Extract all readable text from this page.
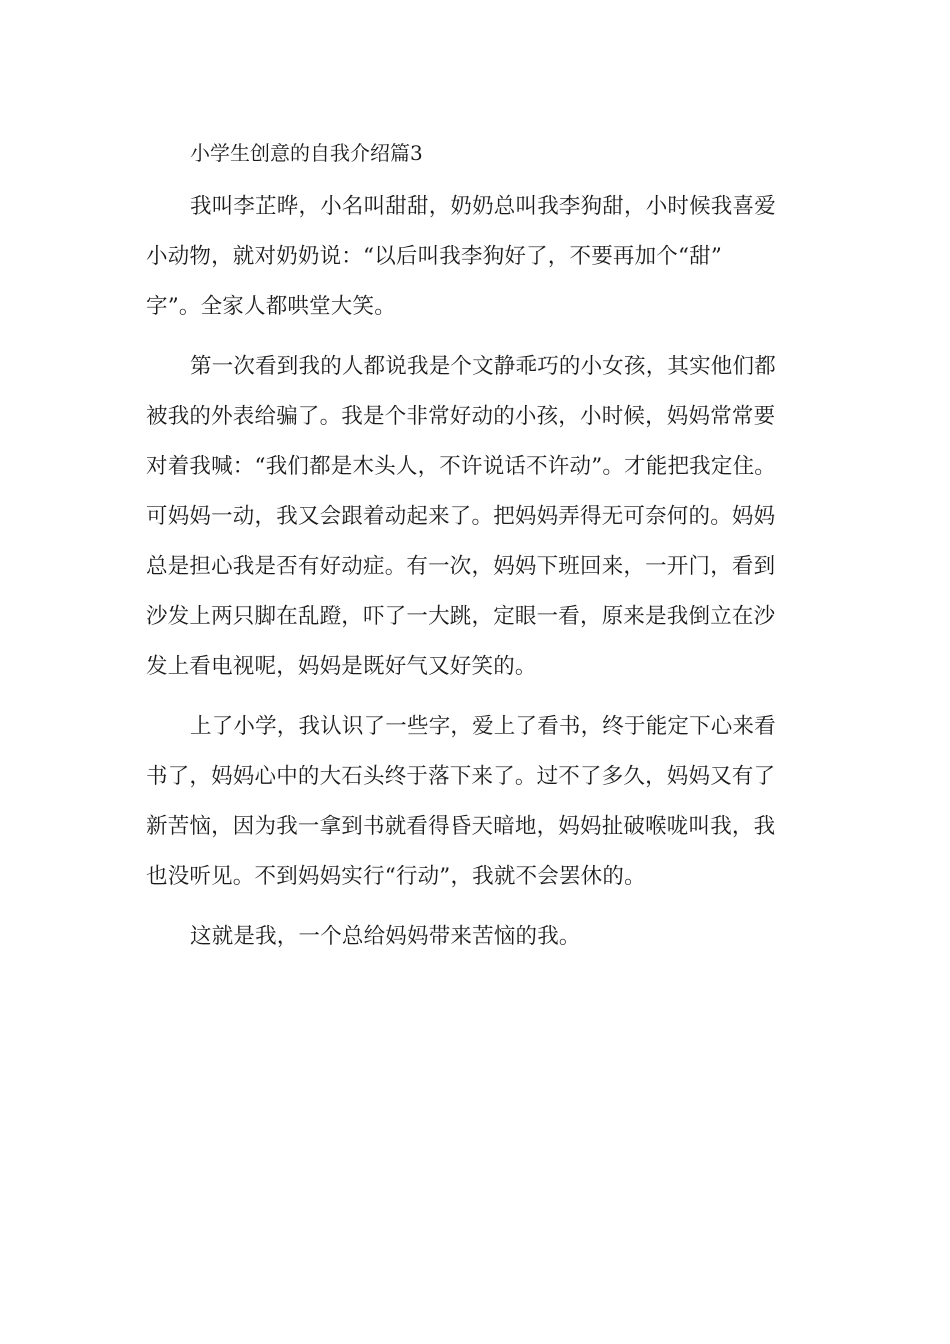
小学生创意的自我介绍篇3
我叫李芷晔，小名叫甜甜，奶奶总叫我李狗甜，小时候我喜爱
小动物，就对奶奶说：“以后叫我李狗好了，不要再加个“甜”
字”。全家人都哄堂大笑。
第一次看到我的人都说我是个文静乖巧的小女孩，其实他们都
被我的外表给骗了。我是个非常好动的小孩，小时候，妈妈常常要
对着我喊：“我们都是木头人，不许说话不许动”。才能把我定住。
可妈妈一动，我又会跟着动起来了。把妈妈弄得无可奈何的。妈妈
总是担心我是否有好动症。有一次，妈妈下班回来，一开门，看到
沙发上两只脚在乱蹬，吓了一大跳，定眼一看，原来是我倒立在沙
发上看电视呢，妈妈是既好气又好笑的。
上了小学，我认识了一些字，爱上了看书，终于能定下心来看
书了，妈妈心中的大石头终于落下来了。过不了多久，妈妈又有了
新苦恼，因为我一拿到书就看得昏天暗地，妈妈扯破喉咙叫我，我
也没听见。不到妈妈实行“行动”，我就不会罢休的。
这就是我，一个总给妈妈带来苦恼的我。
